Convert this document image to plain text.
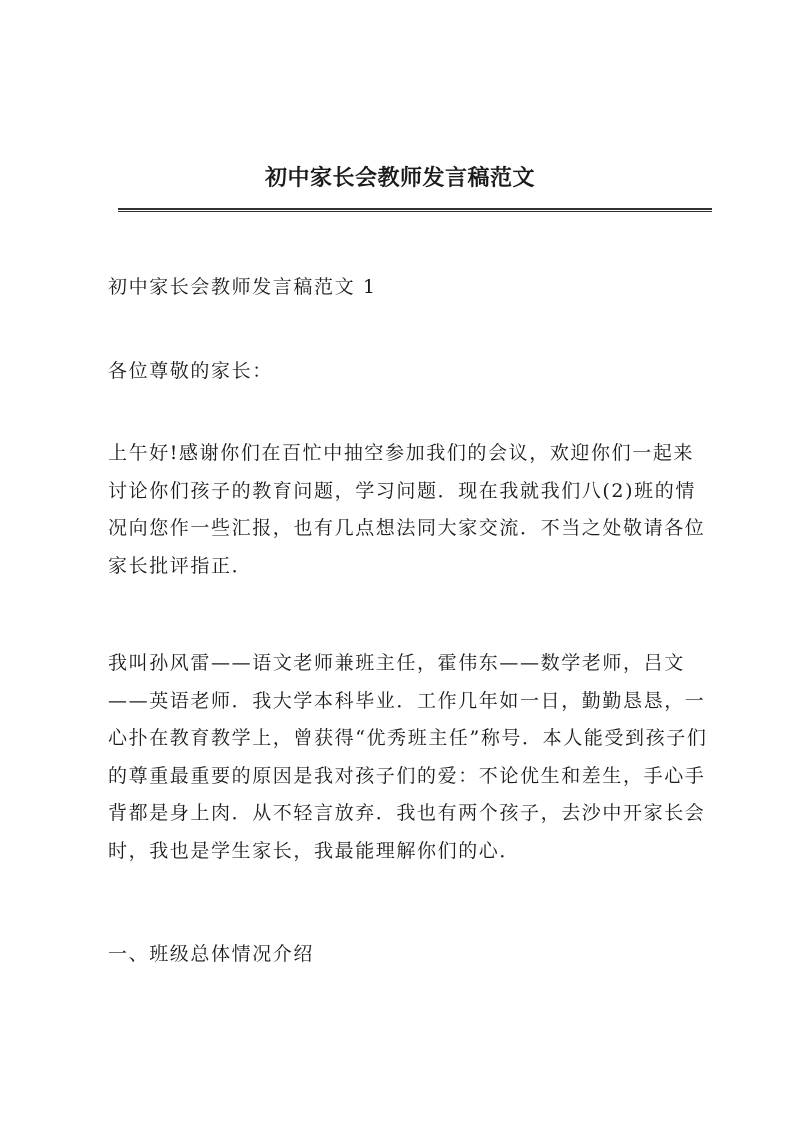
初中家长会教师发言稿范文

初中家长会教师发言稿范文 1

各位尊敬的家长：

上午好!感谢你们在百忙中抽空参加我们的会议，欢迎你们一起来讨论你们孩子的教育问题，学习问题．现在我就我们八(2)班的情况向您作一些汇报，也有几点想法同大家交流．不当之处敬请各位家长批评指正．

我叫孙风雷——语文老师兼班主任，霍伟东——数学老师，吕文——英语老师．我大学本科毕业．工作几年如一日，勤勤恳恳，一心扑在教育教学上，曾获得“优秀班主任”称号．本人能受到孩子们的尊重最重要的原因是我对孩子们的爱：不论优生和差生，手心手背都是身上肉．从不轻言放弃．我也有两个孩子，去沙中开家长会时，我也是学生家长，我最能理解你们的心．

一、班级总体情况介绍
